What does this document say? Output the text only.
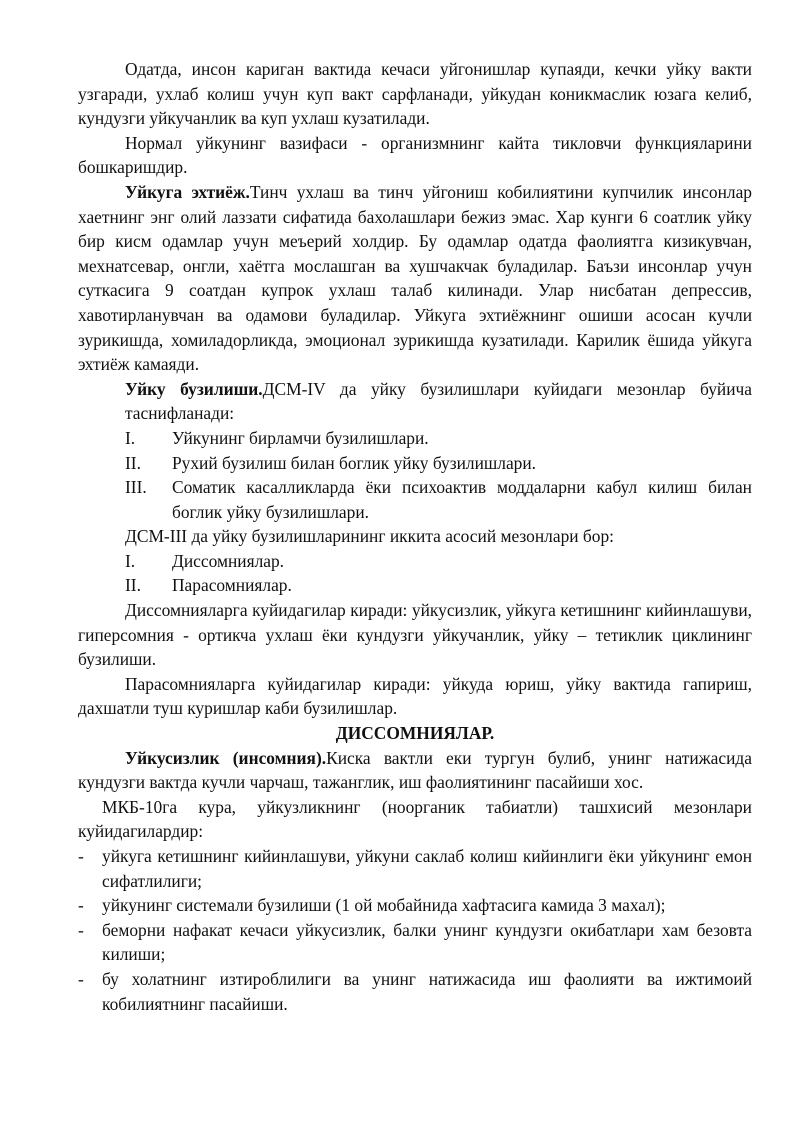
Одатда, инсон кариган вактида кечаси уйгонишлар купаяди, кечки уйку вакти узгаради, ухлаб колиш учун куп вакт сарфланади, уйкудан коникмаслик юзага келиб, кундузги уйкучанлик ва куп ухлаш кузатилади.

Нормал уйкунинг вазифаси - организмнинг кайта тикловчи функцияларини бошкаришдир.

Уйкуга эхтиёж.Тинч ухлаш ва тинч уйгониш кобилиятини купчилик инсонлар хаетнинг энг олий лаззати сифатида бахолашлари бежиз эмас. Хар кунги 6 соатлик уйку бир кисм одамлар учун меъерий холдир. Бу одамлар одатда фаолиятга кизикувчан, мехнатсевар, онгли, хаётга мослашган ва хушчакчак буладилар. Баъзи инсонлар учун суткасига 9 соатдан купрок ухлаш талаб килинади. Улар нисбатан депрессив, хавотирланувчан ва одамови буладилар. Уйкуга эхтиёжнинг ошиши асосан кучли зурикишда, хомиладорликда, эмоционал зурикишда кузатилади. Карилик ёшида уйкуга эхтиёж камаяди.

Уйку бузилиши.ДСМ-IV да уйку бузилишлари куйидаги мезонлар буйича таснифланади:

I.	Уйкунинг бирламчи бузилишлари.
II.	Рухий бузилиш билан боглик уйку бузилишлари.
III.	Соматик касалликларда ёки психоактив моддаларни кабул килиш билан боглик уйку бузилишлари.

ДСМ-III да уйку бузилишларининг иккита асосий мезонлари бор:

I.	Диссомниялар.
II.	Парасомниялар.

Диссомнияларга куйидагилар киради: уйкусизлик, уйкуга кетишнинг кийинлашуви, гиперсомния - ортикча ухлаш ёки кундузги уйкучанлик, уйку – тетиклик циклининг бузилиши.

Парасомнияларга куйидагилар киради: уйкуда юриш, уйку вактида гапириш, дахшатли туш куришлар каби бузилишлар.

ДИССОМНИЯЛАР.

Уйкусизлик (инсомния).Киска вактли еки тургун булиб, унинг натижасида кундузги вактда кучли чарчаш, тажанглик, иш фаолиятининг пасайиши хос.

МКБ-10га кура, уйкузликнинг (ноорганик табиатли) ташхисий мезонлари куйидагилардир:

-	уйкуга кетишнинг кийинлашуви, уйкуни саклаб колиш кийинлиги ёки уйкунинг емон сифатлилиги;
-	уйкунинг системали бузилиши (1 ой мобайнида хафтасига камида 3 махал);
-	беморни нафакат кечаси уйкусизлик, балки унинг кундузги окибатлари хам безовта килиши;
-	бу холатнинг изтироблилиги ва унинг натижасида иш фаолияти ва ижтимоий кобилиятнинг пасайиши.
